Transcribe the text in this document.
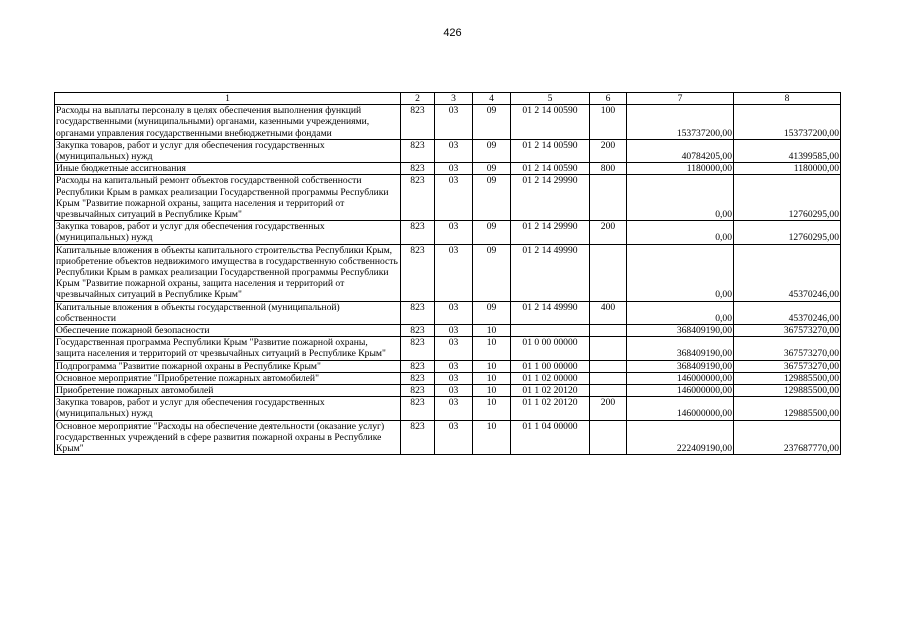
426
1	2	3	4	5	6	7	8
Расходы на выплаты персоналу в целях обеспечения выполнения функций государственными (муниципальными) органами, казенными учреждениями, органами управления государственными внебюджетными фондами	823	03	09	01 2 14 00590	100	153737200,00	153737200,00
Закупка товаров, работ и услуг для обеспечения государственных (муниципальных) нужд	823	03	09	01 2 14 00590	200	40784205,00	41399585,00
Иные бюджетные ассигнования	823	03	09	01 2 14 00590	800	1180000,00	1180000,00
Расходы на капитальный ремонт объектов государственной собственности Республики Крым в рамках реализации Государственной программы Республики Крым "Развитие пожарной охраны, защита населения и территорий от чрезвычайных ситуаций в Республике Крым"	823	03	09	01 2 14 29990		0,00	12760295,00
Закупка товаров, работ и услуг для обеспечения государственных (муниципальных) нужд	823	03	09	01 2 14 29990	200	0,00	12760295,00
Капитальные вложения в объекты капитального строительства Республики Крым, приобретение объектов недвижимого имущества в государственную собственность Республики Крым в рамках реализации Государственной программы Республики Крым "Развитие пожарной охраны, защита населения и территорий от чрезвычайных ситуаций в Республике Крым"	823	03	09	01 2 14 49990		0,00	45370246,00
Капитальные вложения в объекты государственной (муниципальной) собственности	823	03	09	01 2 14 49990	400	0,00	45370246,00
Обеспечение пожарной безопасности	823	03	10			368409190,00	367573270,00
Государственная программа Республики Крым "Развитие пожарной охраны, защита населения и территорий от чрезвычайных ситуаций в Республике Крым"	823	03	10	01 0 00 00000		368409190,00	367573270,00
Подпрограмма "Развитие пожарной охраны в Республике Крым"	823	03	10	01 1 00 00000		368409190,00	367573270,00
Основное мероприятие "Приобретение пожарных автомобилей"	823	03	10	01 1 02 00000		146000000,00	129885500,00
Приобретение пожарных автомобилей	823	03	10	01 1 02 20120		146000000,00	129885500,00
Закупка товаров, работ и услуг для обеспечения государственных (муниципальных) нужд	823	03	10	01 1 02 20120	200	146000000,00	129885500,00
Основное мероприятие "Расходы на обеспечение деятельности (оказание услуг) государственных учреждений в сфере развития пожарной охраны в Республике Крым"	823	03	10	01 1 04 00000		222409190,00	237687770,00
